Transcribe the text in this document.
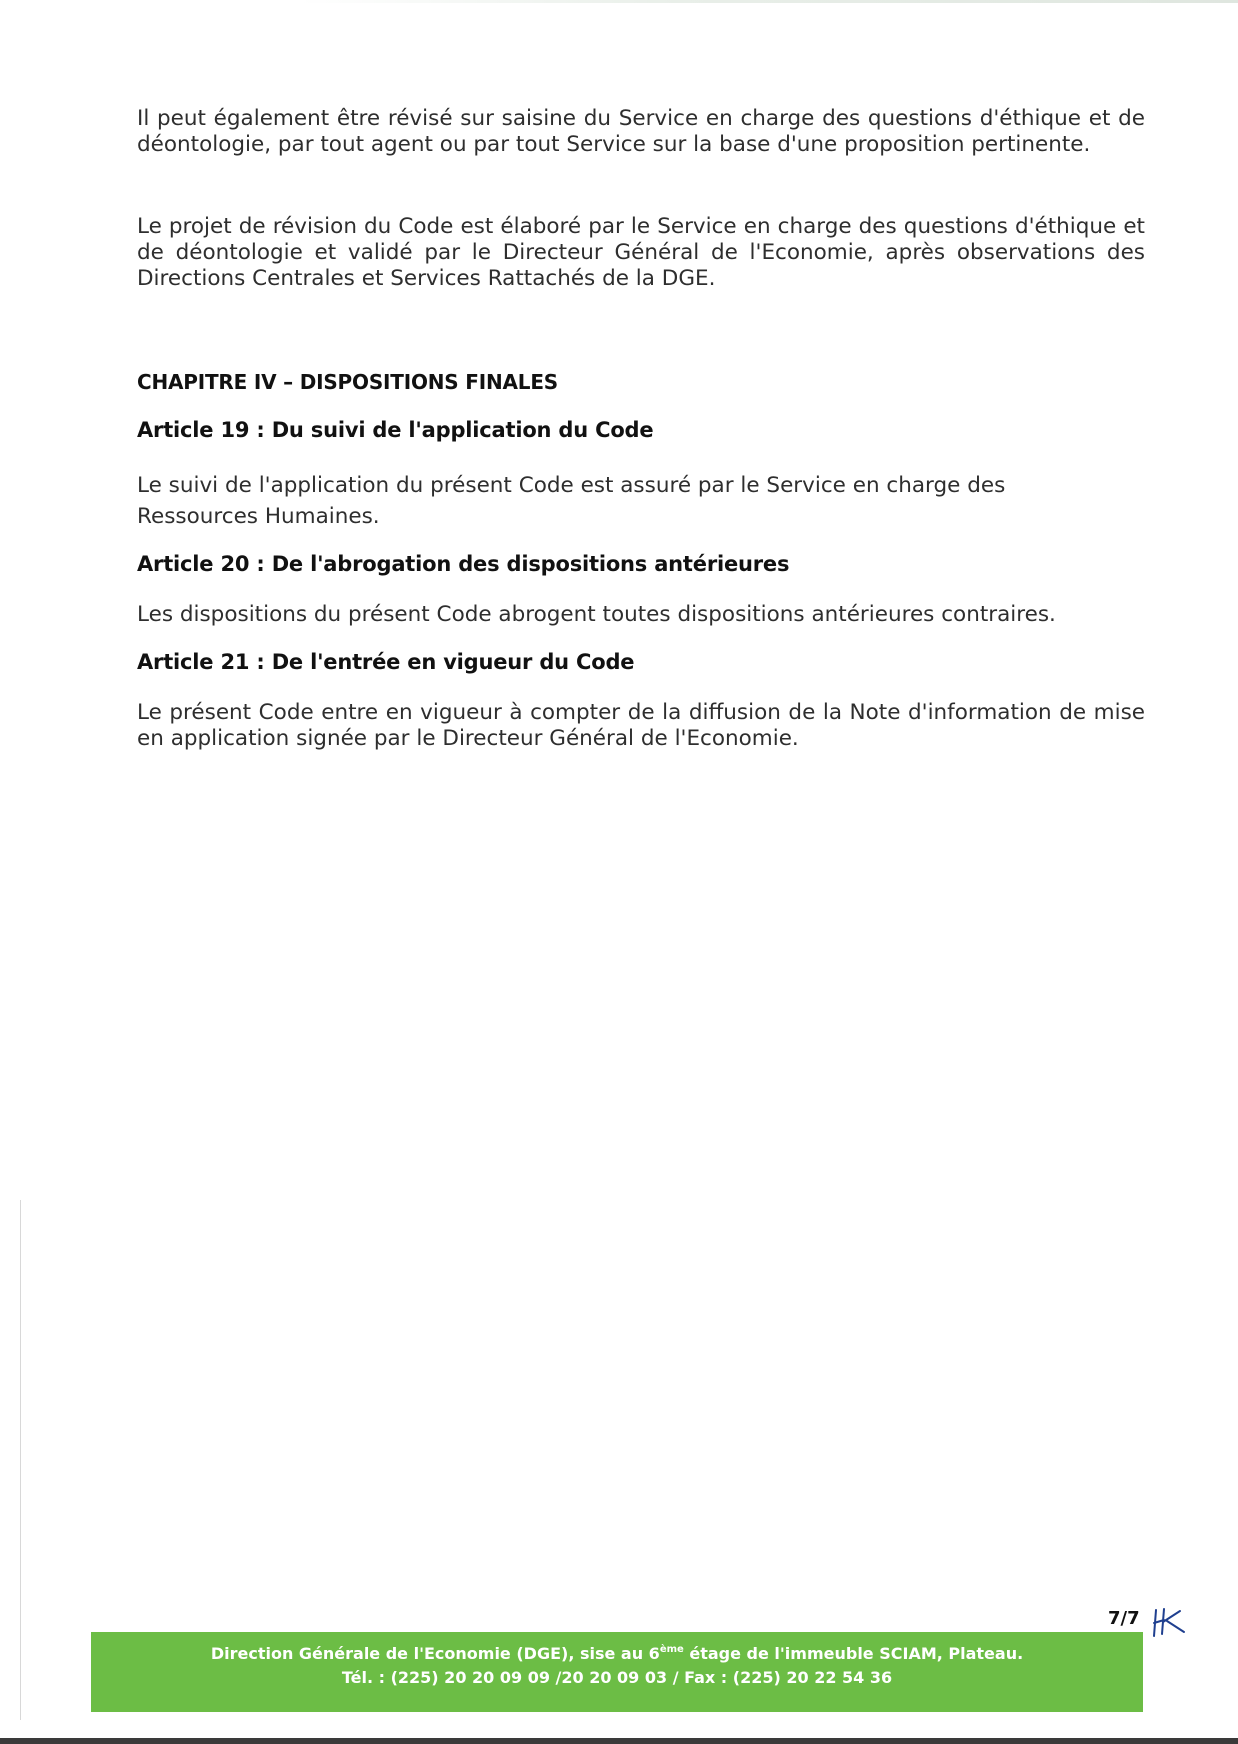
Il peut également être révisé sur saisine du Service en charge des questions d'éthique et de déontologie, par tout agent ou par tout Service sur la base d'une proposition pertinente.

Le projet de révision du Code est élaboré par le Service en charge des questions d'éthique et de déontologie et validé par le Directeur Général de l'Economie, après observations des Directions Centrales et Services Rattachés de la DGE.

CHAPITRE IV – DISPOSITIONS FINALES
Article 19 : Du suivi de l'application du Code

Le suivi de l'application du présent Code est assuré par le Service en charge des Ressources Humaines.

Article 20 : De l'abrogation des dispositions antérieures

Les dispositions du présent Code abrogent toutes dispositions antérieures contraires.

Article 21 : De l'entrée en vigueur du Code

Le présent Code entre en vigueur à compter de la diffusion de la Note d'information de mise en application signée par le Directeur Général de l'Economie.

7/7
Direction Générale de l'Economie (DGE), sise au 6ème étage de l'immeuble SCIAM, Plateau.
Tél. : (225) 20 20 09 09 /20 20 09 03 / Fax : (225) 20 22 54 36
